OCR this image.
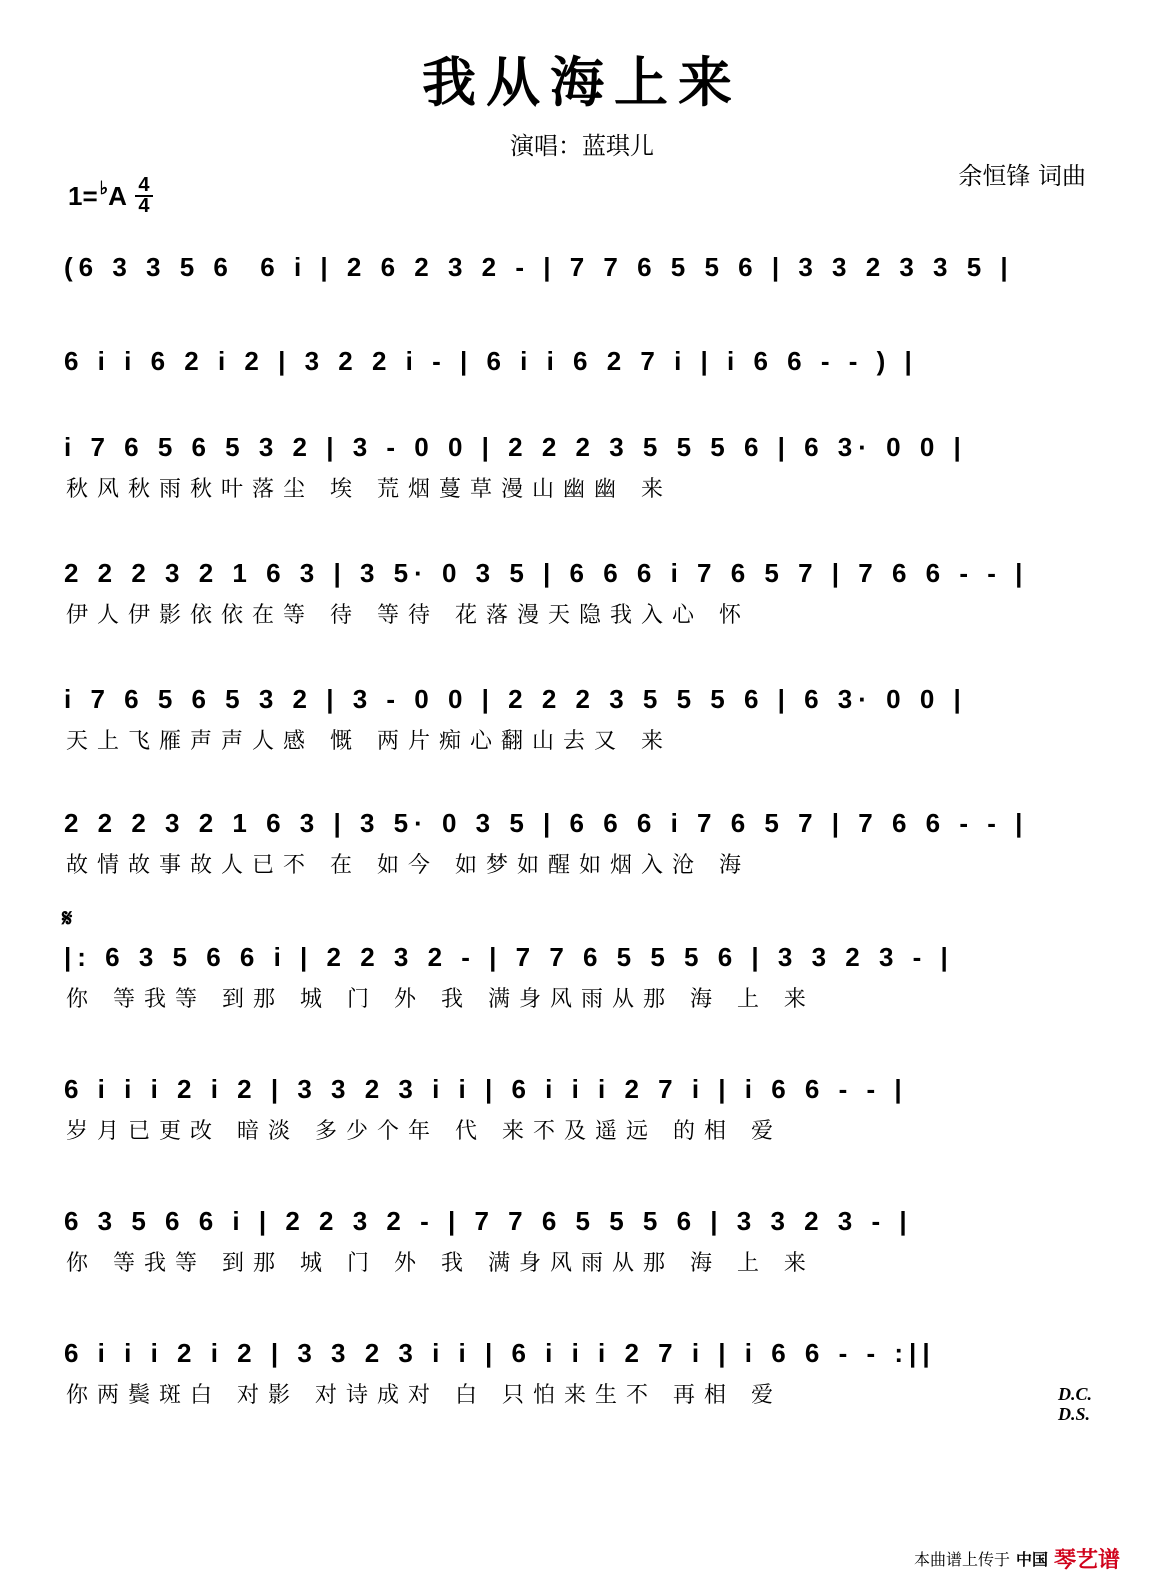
我从海上来
演唱：蓝琪儿
余恒锋 词曲
1= ♭ A $\frac{4}{4}$
𝄋
(6 3 3 5 6  6 i | 2 6 2 3 2 - | 7 7 6 5 5 6 | 3 3 2 3 3 5 |
6 i i 6 2 i 2 | 3 2 2 i - | 6 i i 6 2 7 i | i 6 6 - - ) |
i 7 6 5 6 5 3 2 | 3 - 0 0 | 2 2 2 3 5 5 5 6 | 6 3· 0 0 |
秋风秋雨秋叶落尘 埃 荒烟蔓草漫山幽幽 来
2 2 2 3 2 1 6 3 | 3 5· 0 3 5 | 6 6 6 i 7 6 5 7 | 7 6 6 - - |
伊人伊影依依在等 待 等待 花落漫天隐我入心 怀
i 7 6 5 6 5 3 2 | 3 - 0 0 | 2 2 2 3 5 5 5 6 | 6 3· 0 0 |
天上飞雁声声人感 慨 两片痴心翻山去又 来
2 2 2 3 2 1 6 3 | 3 5· 0 3 5 | 6 6 6 i 7 6 5 7 | 7 6 6 - - |
故情故事故人已不 在 如今 如梦如醒如烟入沧 海
|: 6 3 5 6 6 i | 2 2 3 2 - | 7 7 6 5 5 5 6 | 3 3 2 3 - |
你 等我等 到那 城 门 外 我 满身风雨从那 海 上 来
6 i i i 2 i 2 | 3 3 2 3 i i | 6 i i i 2 7 i | i 6 6 - - |
岁月已更改 暗淡 多少个年 代 来不及遥远 的相 爱
6 3 5 6 6 i | 2 2 3 2 - | 7 7 6 5 5 5 6 | 3 3 2 3 - |
你 等我等 到那 城 门 外 我 满身风雨从那 海 上 来
6 i i i 2 i 2 | 3 3 2 3 i i | 6 i i i 2 7 i | i 6 6 - - :||
你两鬓斑白 对影 对诗成对 白 只怕来生不 再相 爱	D.C.
D.S.
本曲谱上传于 中国 琴艺谱
